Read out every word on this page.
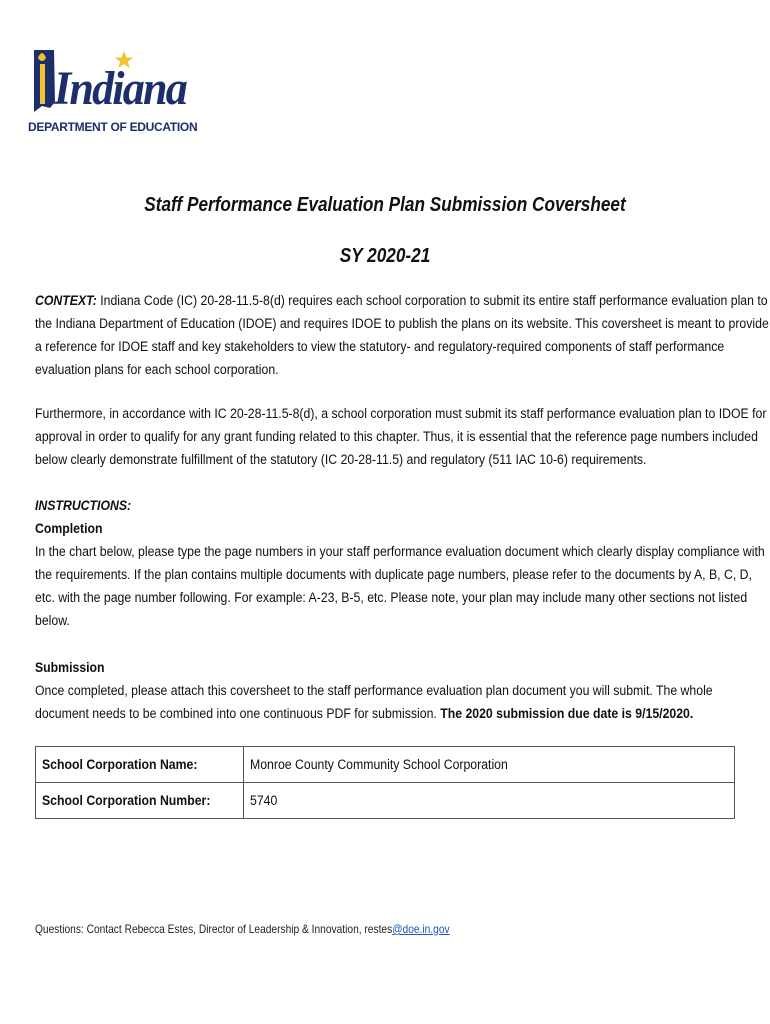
Indiana
DEPARTMENT OF EDUCATION
Staff Performance Evaluation Plan Submission Coversheet
SY 2020-21
CONTEXT: Indiana Code (IC) 20-28-11.5-8(d) requires each school corporation to submit its entire staff performance evaluation plan to
the Indiana Department of Education (IDOE) and requires IDOE to publish the plans on its website. This coversheet is meant to provide
a reference for IDOE staff and key stakeholders to view the statutory- and regulatory-required components of staff performance
evaluation plans for each school corporation.
Furthermore, in accordance with IC 20-28-11.5-8(d), a school corporation must submit its staff performance evaluation plan to IDOE for
approval in order to qualify for any grant funding related to this chapter. Thus, it is essential that the reference page numbers included
below clearly demonstrate fulfillment of the statutory (IC 20-28-11.5) and regulatory (511 IAC 10-6) requirements.
INSTRUCTIONS:
Completion
In the chart below, please type the page numbers in your staff performance evaluation document which clearly display compliance with
the requirements. If the plan contains multiple documents with duplicate page numbers, please refer to the documents by A, B, C, D,
etc. with the page number following. For example: A-23, B-5, etc. Please note, your plan may include many other sections not listed
below.
Submission
Once completed, please attach this coversheet to the staff performance evaluation plan document you will submit. The whole
document needs to be combined into one continuous PDF for submission. The 2020 submission due date is 9/15/2020.
School Corporation Name:	Monroe County Community School Corporation
School Corporation Number:	5740
Questions: Contact Rebecca Estes, Director of Leadership & Innovation, restes@doe.in.gov
